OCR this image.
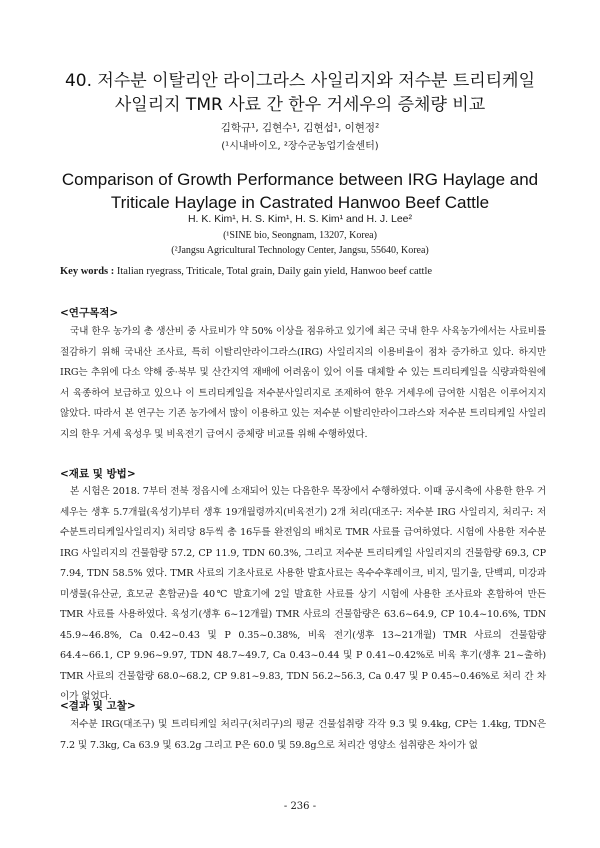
40. 저수분 이탈리안 라이그라스 사일리지와 저수분 트리티케일
사일리지 TMR 사료 간 한우 거세우의 증체량 비교
김학규¹, 김현수¹, 김현섭¹, 이현정²
(¹시내바이오, ²장수군농업기술센터)
Comparison of Growth Performance between IRG Haylage and
Triticale Haylage in Castrated Hanwoo Beef Cattle
H. K. Kim¹, H. S. Kim¹, H. S. Kim¹ and H. J. Lee²
(¹SINE bio, Seongnam, 13207, Korea)
(²Jangsu Agricultural Technology Center, Jangsu, 55640, Korea)
Key words : Italian ryegrass, Triticale, Total grain, Daily gain yield, Hanwoo beef cattle
<연구목적>
국내 한우 농가의 총 생산비 중 사료비가 약 50% 이상을 점유하고 있기에 최근 국내 한우 사육농가에서는 사료비를 절감하기 위해 국내산 조사료, 특히 이탈리안라이그라스(IRG) 사일리지의 이용비율이 점차 증가하고 있다. 하지만 IRG는 추위에 다소 약해 중·북부 및 산간지역 재배에 어려움이 있어 이를 대체할 수 있는 트리티케일을 식량과학원에서 육종하여 보급하고 있으나 이 트리티케일을 저수분사일리지로 조제하여 한우 거세우에 급여한 시험은 이루어지지 않았다. 따라서 본 연구는 기존 농가에서 많이 이용하고 있는 저수분 이탈리안라이그라스와 저수분 트리티케일 사일리지의 한우 거세 육성우 및 비육전기 급여시 증체량 비교를 위해 수행하였다.
<재료 및 방법>
본 시험은 2018. 7부터 전북 정읍시에 소재되어 있는 다음한우 목장에서 수행하였다. 이때 공시축에 사용한 한우 거세우는 생후 5.7개월(육성기)부터 생후 19개월령까지(비육전기) 2개 처리(대조구: 저수분 IRG 사일리지, 처리구: 저수분트리티케일사일리지) 처리당 8두씩 총 16두를 완전임의 배치로 TMR 사료를 급여하였다. 시험에 사용한 저수분 IRG 사일리지의 건물함량 57.2, CP 11.9, TDN 60.3%, 그리고 저수분 트리티케일 사일리지의 건물함량 69.3, CP 7.94, TDN 58.5% 였다. TMR 사료의 기초사료로 사용한 발효사료는 옥수수후레이크, 비지, 밀기울, 단백피, 미강과 미생물(유산균, 효모균 혼합균)을 40℃ 발효기에 2일 발효한 사료를 상기 시험에 사용한 조사료와 혼합하여 만든 TMR 사료를 사용하였다. 육성기(생후 6~12개월) TMR 사료의 건물함량은 63.6~64.9, CP 10.4~10.6%, TDN 45.9~46.8%, Ca 0.42~0.43 및 P 0.35~0.38%, 비육 전기(생후 13~21개월) TMR 사료의 건물함량 64.4~66.1, CP 9.96~9.97, TDN 48.7~49.7, Ca 0.43~0.44 및 P 0.41~0.42%로 비육 후기(생후 21~출하) TMR 사료의 건물함량 68.0~68.2, CP 9.81~9.83, TDN 56.2~56.3, Ca 0.47 및 P 0.45~0.46%로 처리 간 차이가 없었다.
<결과 및 고찰>
저수분 IRG(대조구) 및 트리티케일 처리구(처리구)의 평균 건물섭취량 각각 9.3 및 9.4kg, CP는 1.4kg, TDN은 7.2 및 7.3kg, Ca 63.9 및 63.2g 그리고 P은 60.0 및 59.8g으로 처리간 영양소 섭취량은 차이가 없
- 236 -
